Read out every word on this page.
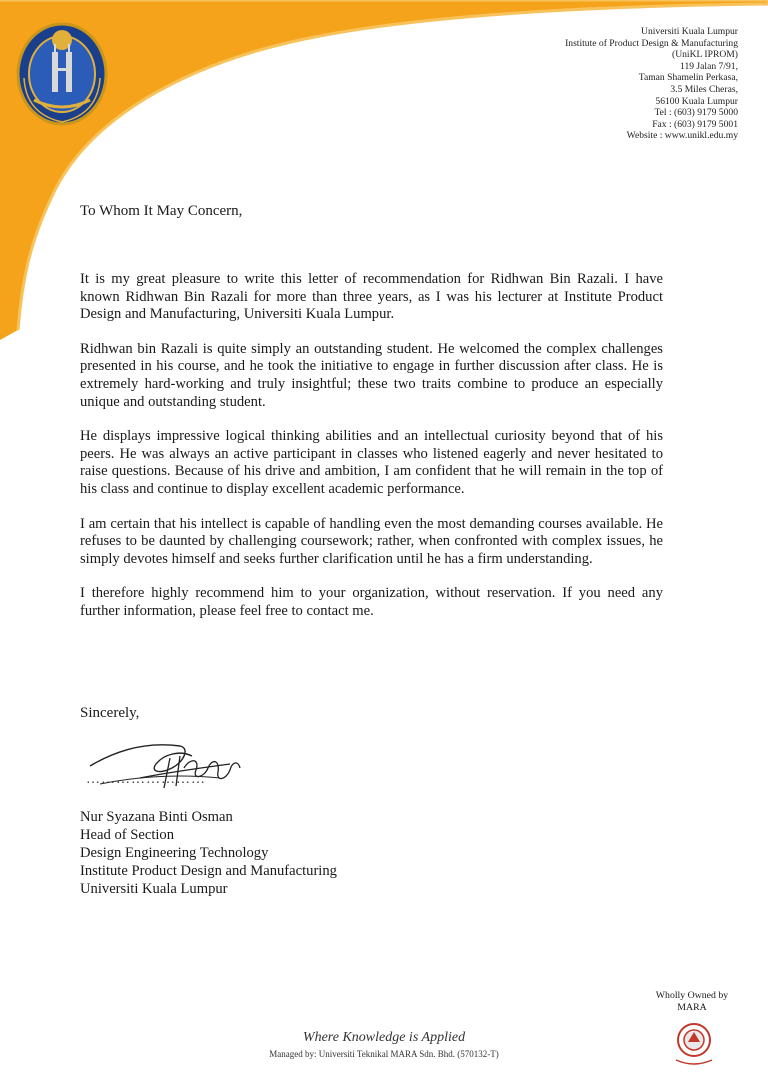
Universiti Kuala Lumpur
Institute of Product Design & Manufacturing
(UniKL IPROM)
119 Jalan 7/91,
Taman Shamelin Perkasa,
3.5 Miles Cheras,
56100 Kuala Lumpur
Tel : (603) 9179 5000
Fax : (603) 9179 5001
Website : www.unikl.edu.my
To Whom It May Concern,

It is my great pleasure to write this letter of recommendation for Ridhwan Bin Razali. I have known Ridhwan Bin Razali for more than three years, as I was his lecturer at Institute Product Design and Manufacturing, Universiti Kuala Lumpur.

Ridhwan bin Razali is quite simply an outstanding student. He welcomed the complex challenges presented in his course, and he took the initiative to engage in further discussion after class. He is extremely hard-working and truly insightful; these two traits combine to produce an especially unique and outstanding student.

He displays impressive logical thinking abilities and an intellectual curiosity beyond that of his peers. He was always an active participant in classes who listened eagerly and never hesitated to raise questions. Because of his drive and ambition, I am confident that he will remain in the top of his class and continue to display excellent academic performance.

I am certain that his intellect is capable of handling even the most demanding courses available. He refuses to be daunted by challenging coursework; rather, when confronted with complex issues, he simply devotes himself and seeks further clarification until he has a firm understanding.

I therefore highly recommend him to your organization, without reservation. If you need any further information, please feel free to contact me.

Sincerely,
……………………
Nur Syazana Binti Osman
Head of Section
Design Engineering Technology
Institute Product Design and Manufacturing
Universiti Kuala Lumpur
Wholly Owned by
MARA
Where Knowledge is Applied
Managed by: Universiti Teknikal MARA Sdn. Bhd. (570132-T)
